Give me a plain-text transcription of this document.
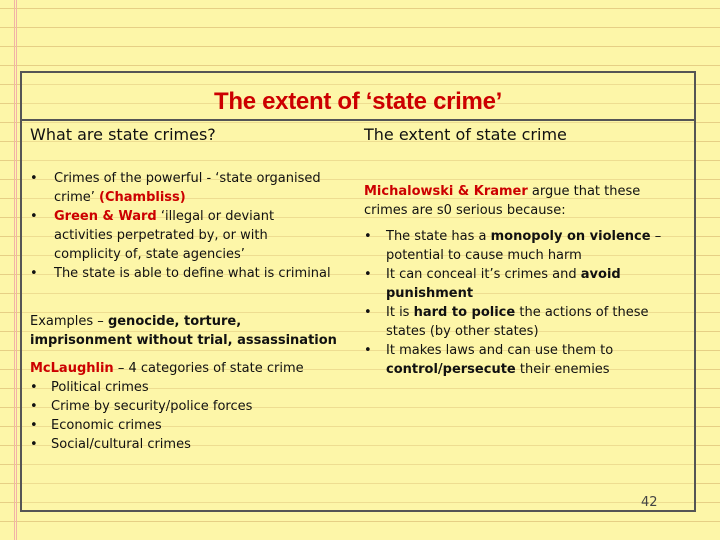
The extent of ‘state crime’
What are state crimes?
• Crimes of the powerful - ‘state organised crime’ (Chambliss)
• Green & Ward ‘illegal or deviant activities perpetrated by, or with complicity of, state agencies’
• The state is able to define what is criminal

Examples – genocide, torture, imprisonment without trial, assassination

McLaughlin – 4 categories of state crime

• Political crimes
• Crime by security/police forces
• Economic crimes
• Social/cultural crimes
The extent of state crime

Michalowski & Kramer argue that these crimes are s0 serious because:

• The state has a monopoly on violence – potential to cause much harm
• It can conceal it’s crimes and avoid punishment
• It is hard to police the actions of these states (by other states)
• It makes laws and can use them to control/persecute their enemies
42
